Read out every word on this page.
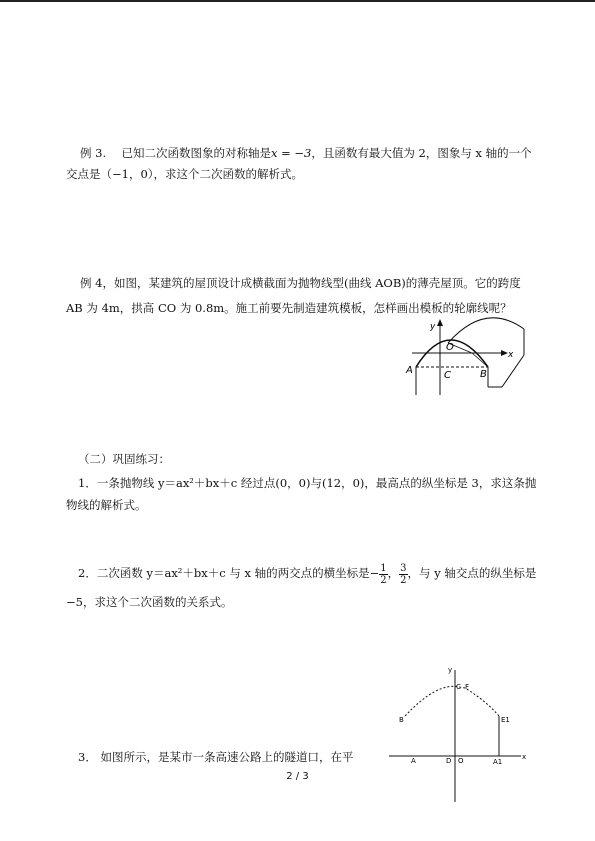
例 3. 已知二次函数图象的对称轴是x = −3，且函数有最大值为 2，图象与 x 轴的一个
交点是（−1，0），求这个二次函数的解析式。
例 4，如图，某建筑的屋顶设计成横截面为抛物线型(曲线 AOB)的薄壳屋顶。它的跨度
AB 为 4m，拱高 CO 为 0.8m。施工前要先制造建筑模板，怎样画出模板的轮廓线呢？
y
x
O
A	B
C
（二）巩固练习：
1．一条抛物线 y＝ax²＋bx＋c 经过点(0，0)与(12，0)，最高点的纵坐标是 3，求这条抛
物线的解析式。
2．二次函数 y＝ax²＋bx＋c 与 x 轴的两交点的横坐标是− $\frac{1}{2}$ ， $\frac{3}{2}$ ，与 y 轴交点的纵坐标是
−5，求这个二次函数的关系式。
3． 如图所示，是某市一条高速公路上的隧道口，在平
y
x
C F
B	E1
A	D O	A1
2 / 3
